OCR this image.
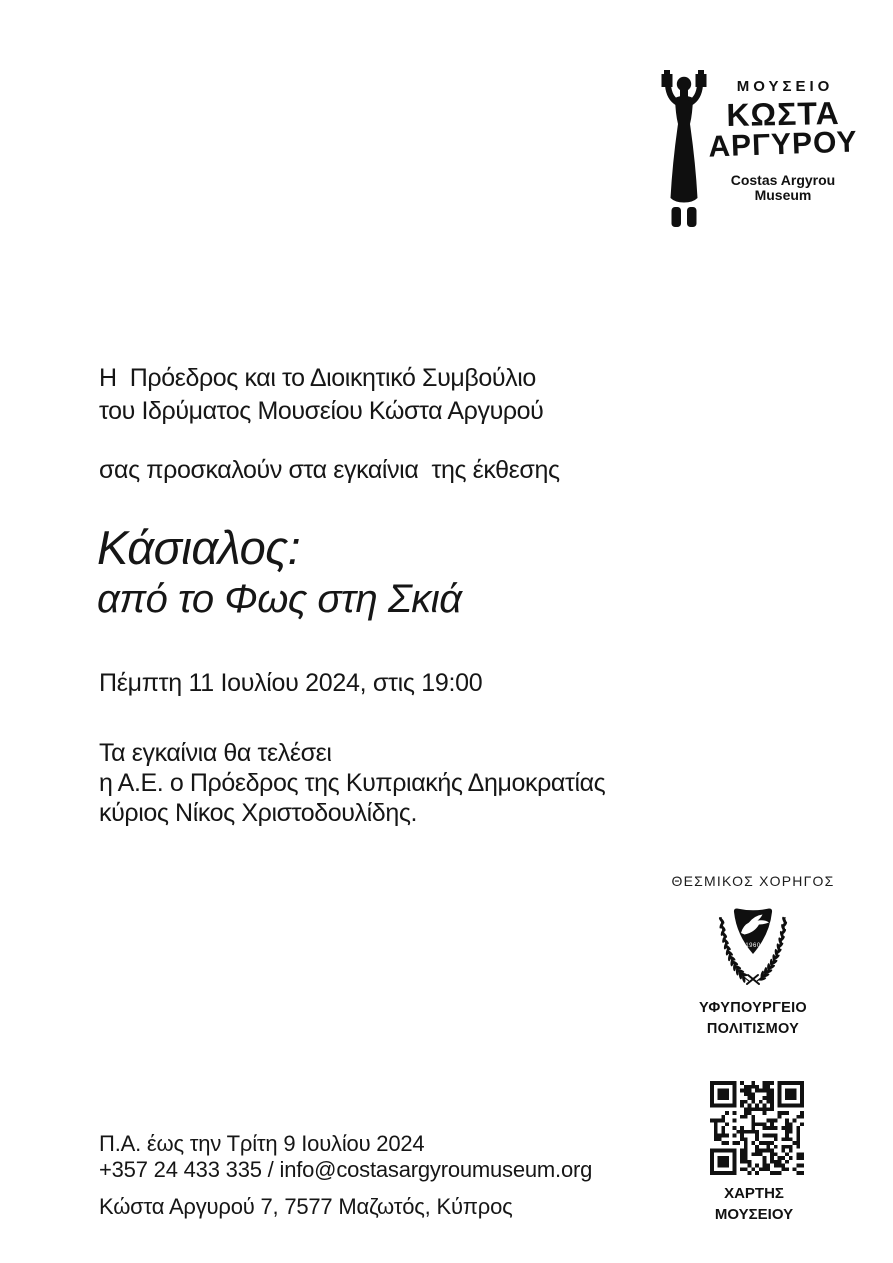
ΜΟΥΣΕΙΟ
ΚΩΣΤΑ
ΑΡΓΥΡΟΥ
Costas Argyrou
Museum
Η  Πρόεδρος και το Διοικητικό Συμβούλιο
του Ιδρύματος Μουσείου Κώστα Αργυρού
σας προσκαλούν στα εγκαίνια  της έκθεσης
Κάσιαλος:
από το Φως στη Σκιά
Πέμπτη 11 Ιουλίου 2024, στις 19:00
Τα εγκαίνια θα τελέσει
η Α.Ε. ο Πρόεδρος της Κυπριακής Δημοκρατίας
κύριος Νίκος Χριστοδουλίδης.
ΘΕΣΜΙΚΟΣ ΧΟΡΗΓΟΣ
1960
ΥΦΥΠΟΥΡΓΕΙΟ
ΠΟΛΙΤΙΣΜΟΥ
ΧΑΡΤΗΣ
ΜΟΥΣΕΙΟΥ
Π.Α. έως την Τρίτη 9 Ιουλίου 2024
+357 24 433 335 / info@costasargyroumuseum.org
Κώστα Αργυρού 7, 7577 Μαζωτός, Κύπρος
